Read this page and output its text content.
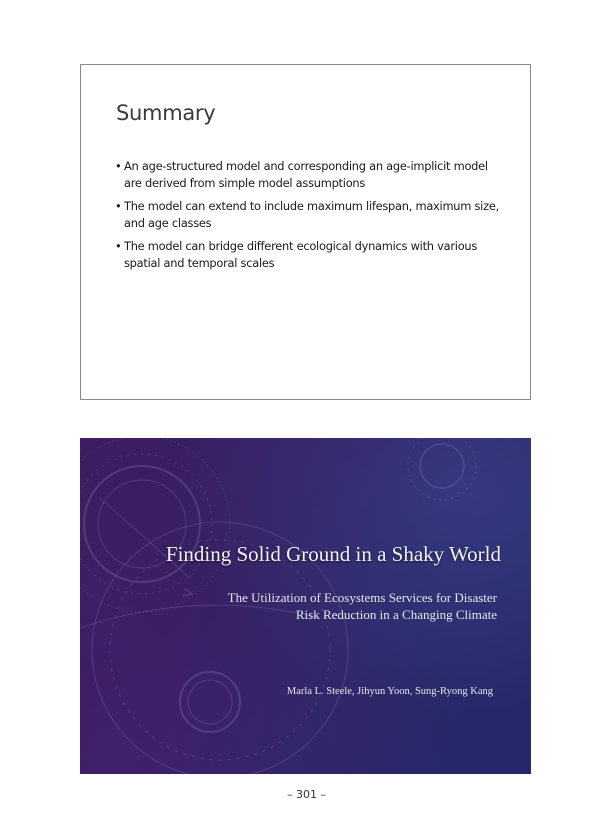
Summary
• An age-structured model and corresponding an age-implicit model
are derived from simple model assumptions
• The model can extend to include maximum lifespan, maximum size,
and age classes
• The model can bridge different ecological dynamics with various
spatial and temporal scales
Finding Solid Ground in a Shaky World
The Utilization of Ecosystems Services for Disaster
Risk Reduction in a Changing Climate
Marla L. Steele, Jihyun Yoon, Sung-Ryong Kang
– 301 –
